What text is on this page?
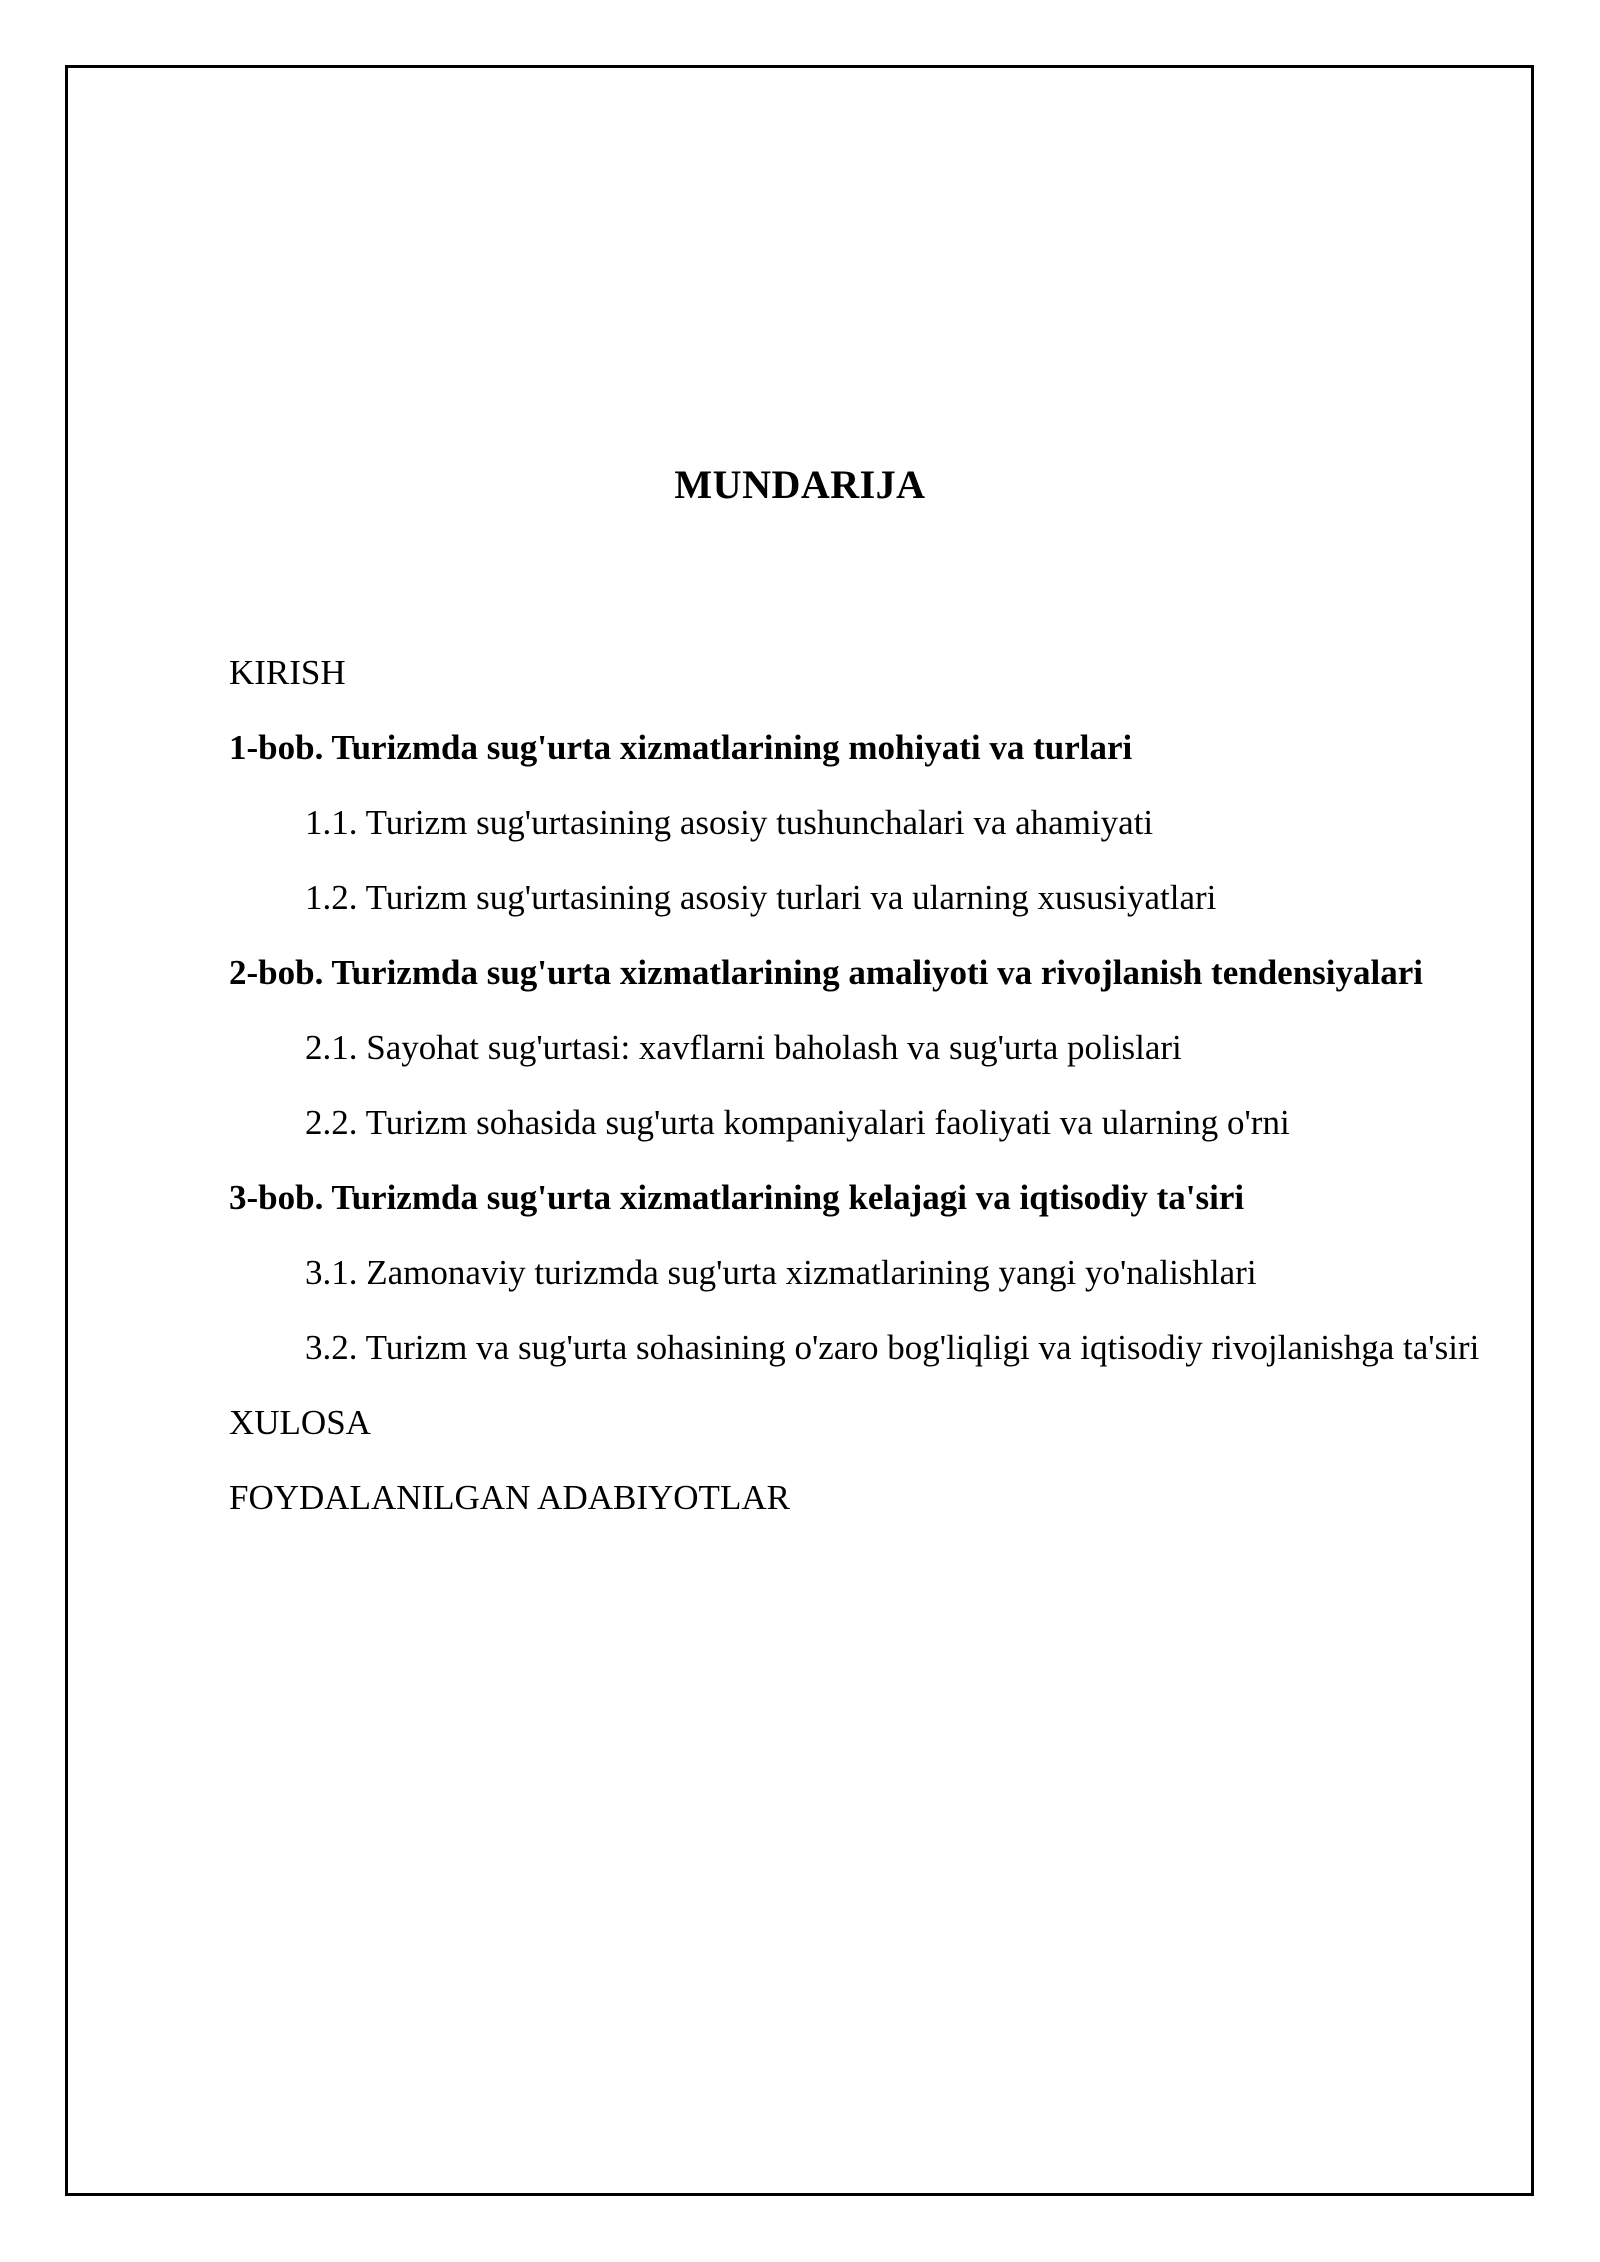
MUNDARIJA
KIRISH
1-bob. Turizmda sug'urta xizmatlarining mohiyati va turlari
1.1. Turizm sug'urtasining asosiy tushunchalari va ahamiyati
1.2. Turizm sug'urtasining asosiy turlari va ularning xususiyatlari
2-bob. Turizmda sug'urta xizmatlarining amaliyoti va rivojlanish tendensiyalari
2.1. Sayohat sug'urtasi: xavflarni baholash va sug'urta polislari
2.2. Turizm sohasida sug'urta kompaniyalari faoliyati va ularning o'rni
3-bob. Turizmda sug'urta xizmatlarining kelajagi va iqtisodiy ta'siri
3.1. Zamonaviy turizmda sug'urta xizmatlarining yangi yo'nalishlari
3.2. Turizm va sug'urta sohasining o'zaro bog'liqligi va iqtisodiy rivojlanishga ta'siri
XULOSA
FOYDALANILGAN ADABIYOTLAR
